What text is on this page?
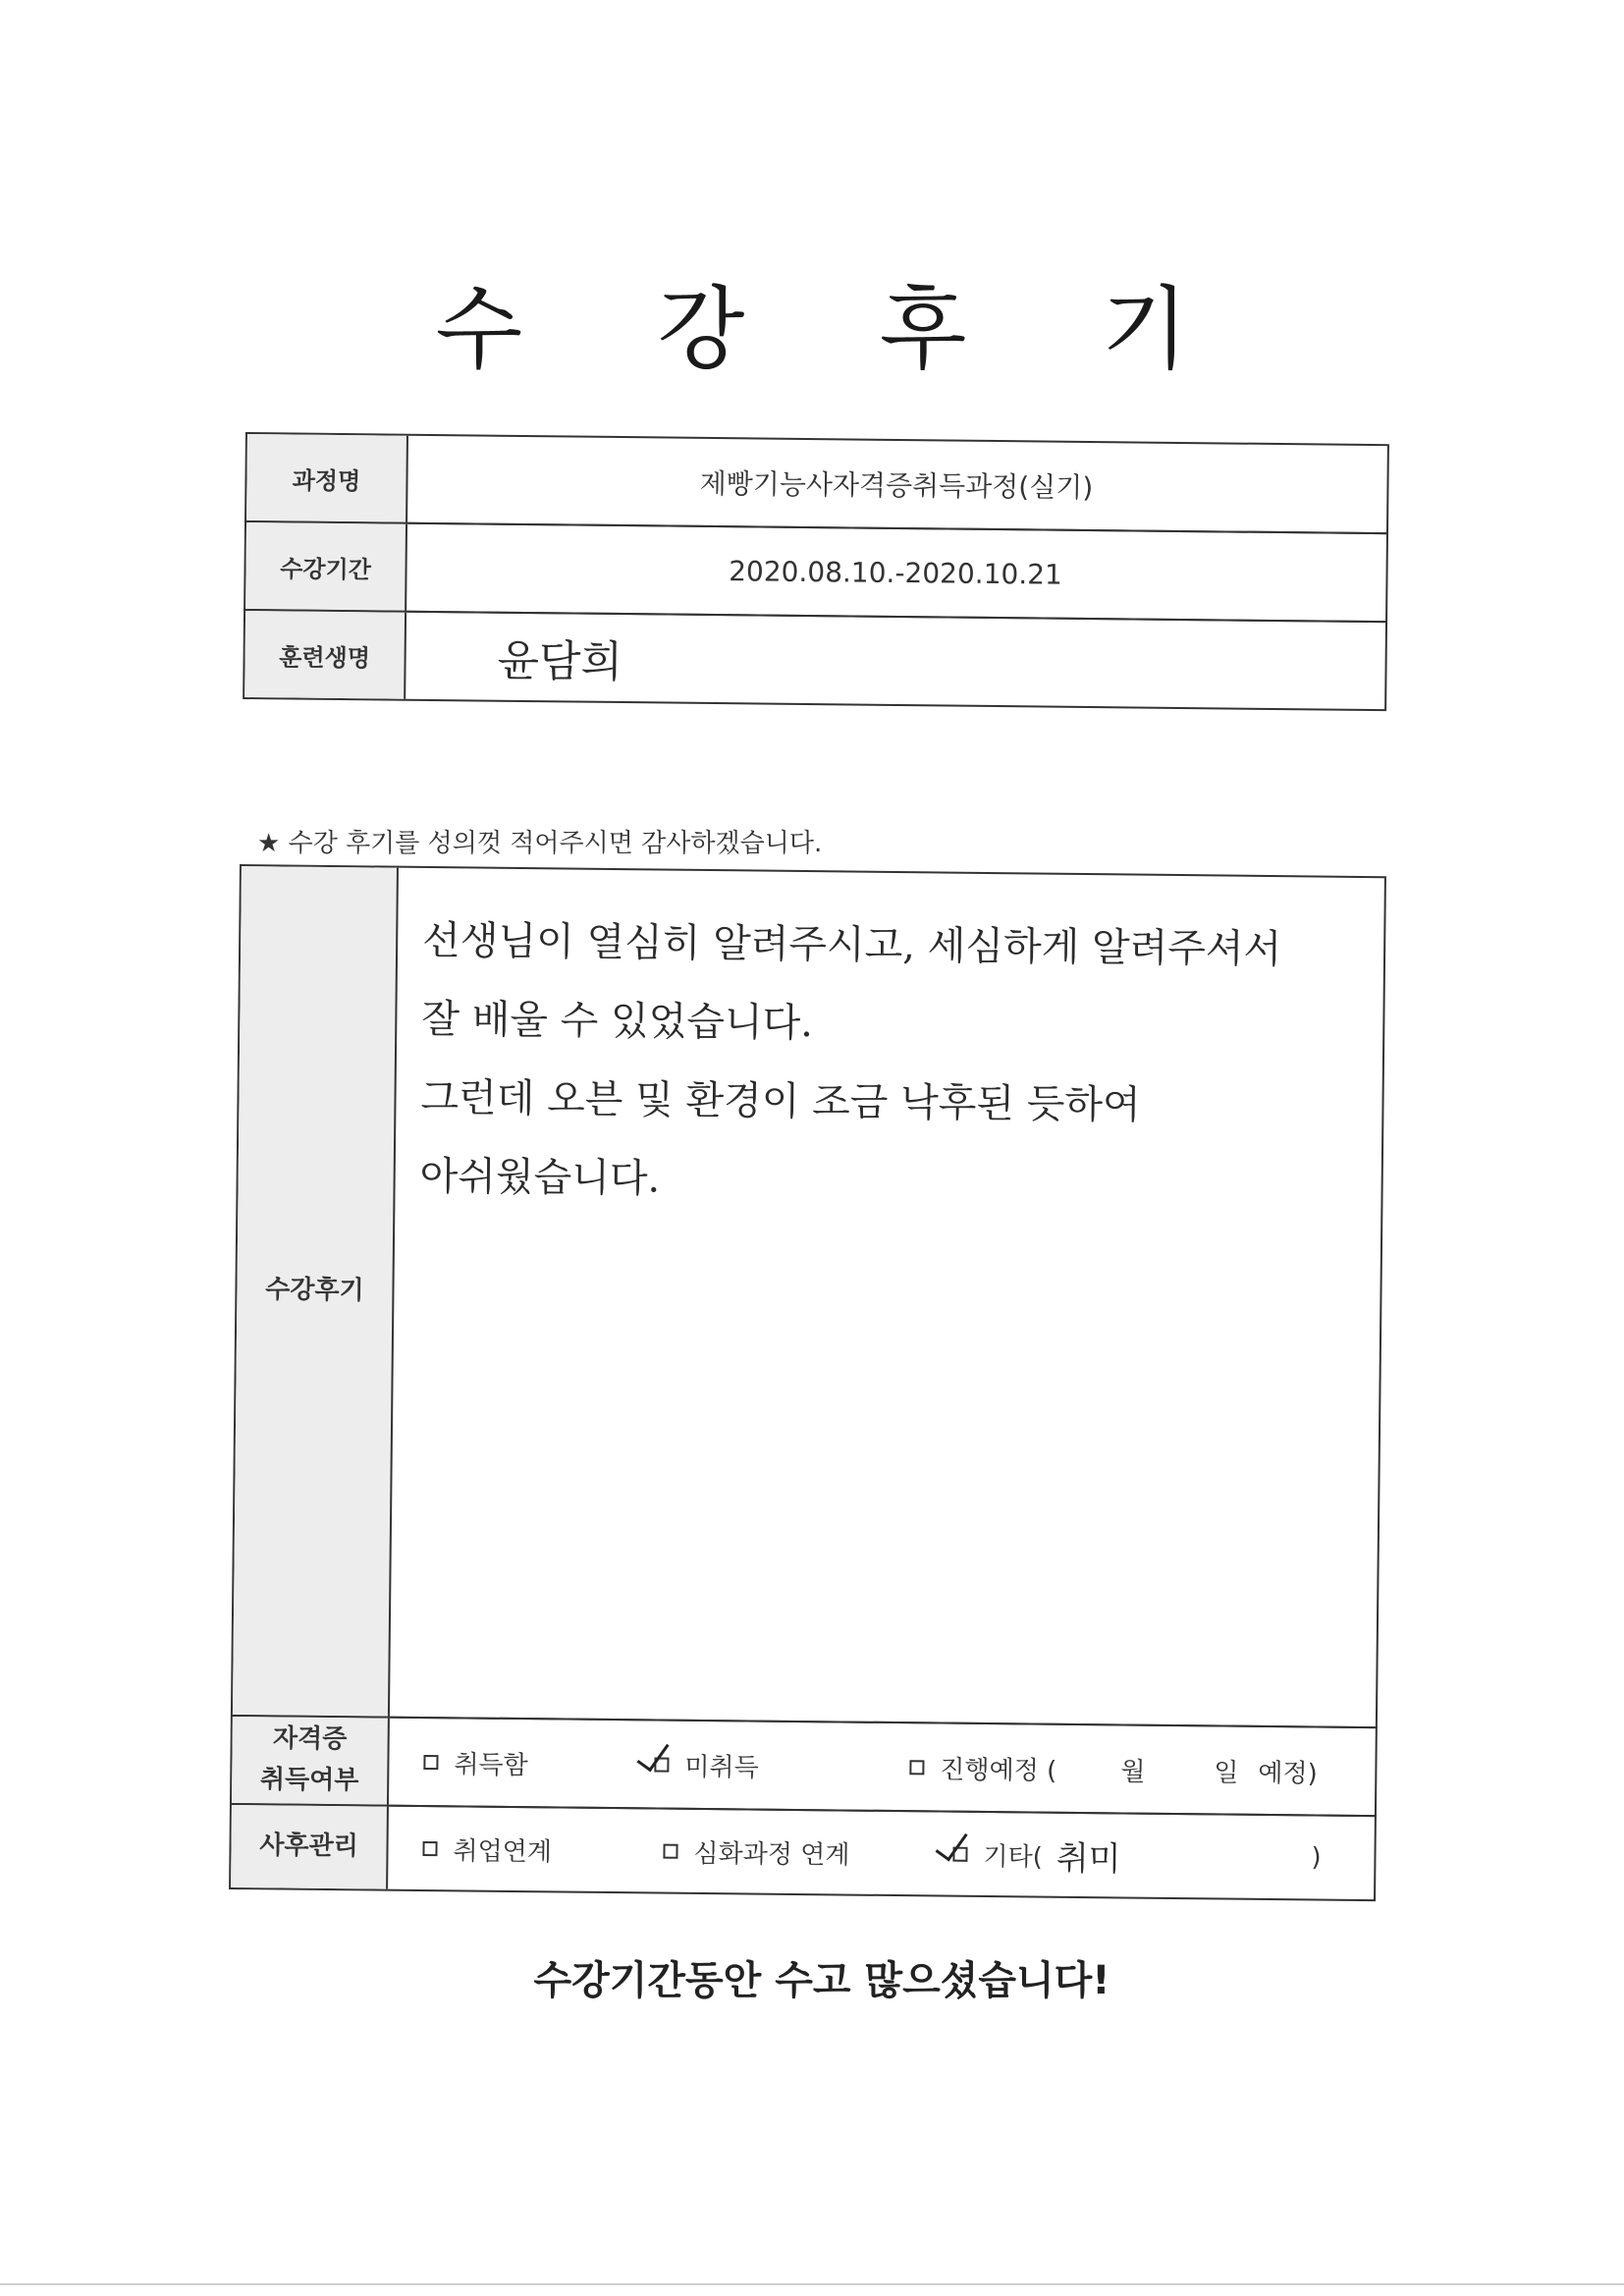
수 강 후 기
과정명	제빵기능사자격증취득과정(실기)
수강기간	2020.08.10.-2020.10.21
훈련생명	윤담희
★ 수강 후기를 성의껏 적어주시면 감사하겠습니다.
수강후기
선생님이 열심히 알려주시고, 세심하게 알려주셔서
잘 배울 수 있었습니다.
그런데 오븐 및 환경이 조금 낙후된 듯하여
아쉬웠습니다.
자격증
취득여부
취득함	미취득	진행예정 ( 월	일 예정)
사후관리	취업연계	심화과정 연계	기타( 취미	)
수강기간동안 수고 많으셨습니다!
